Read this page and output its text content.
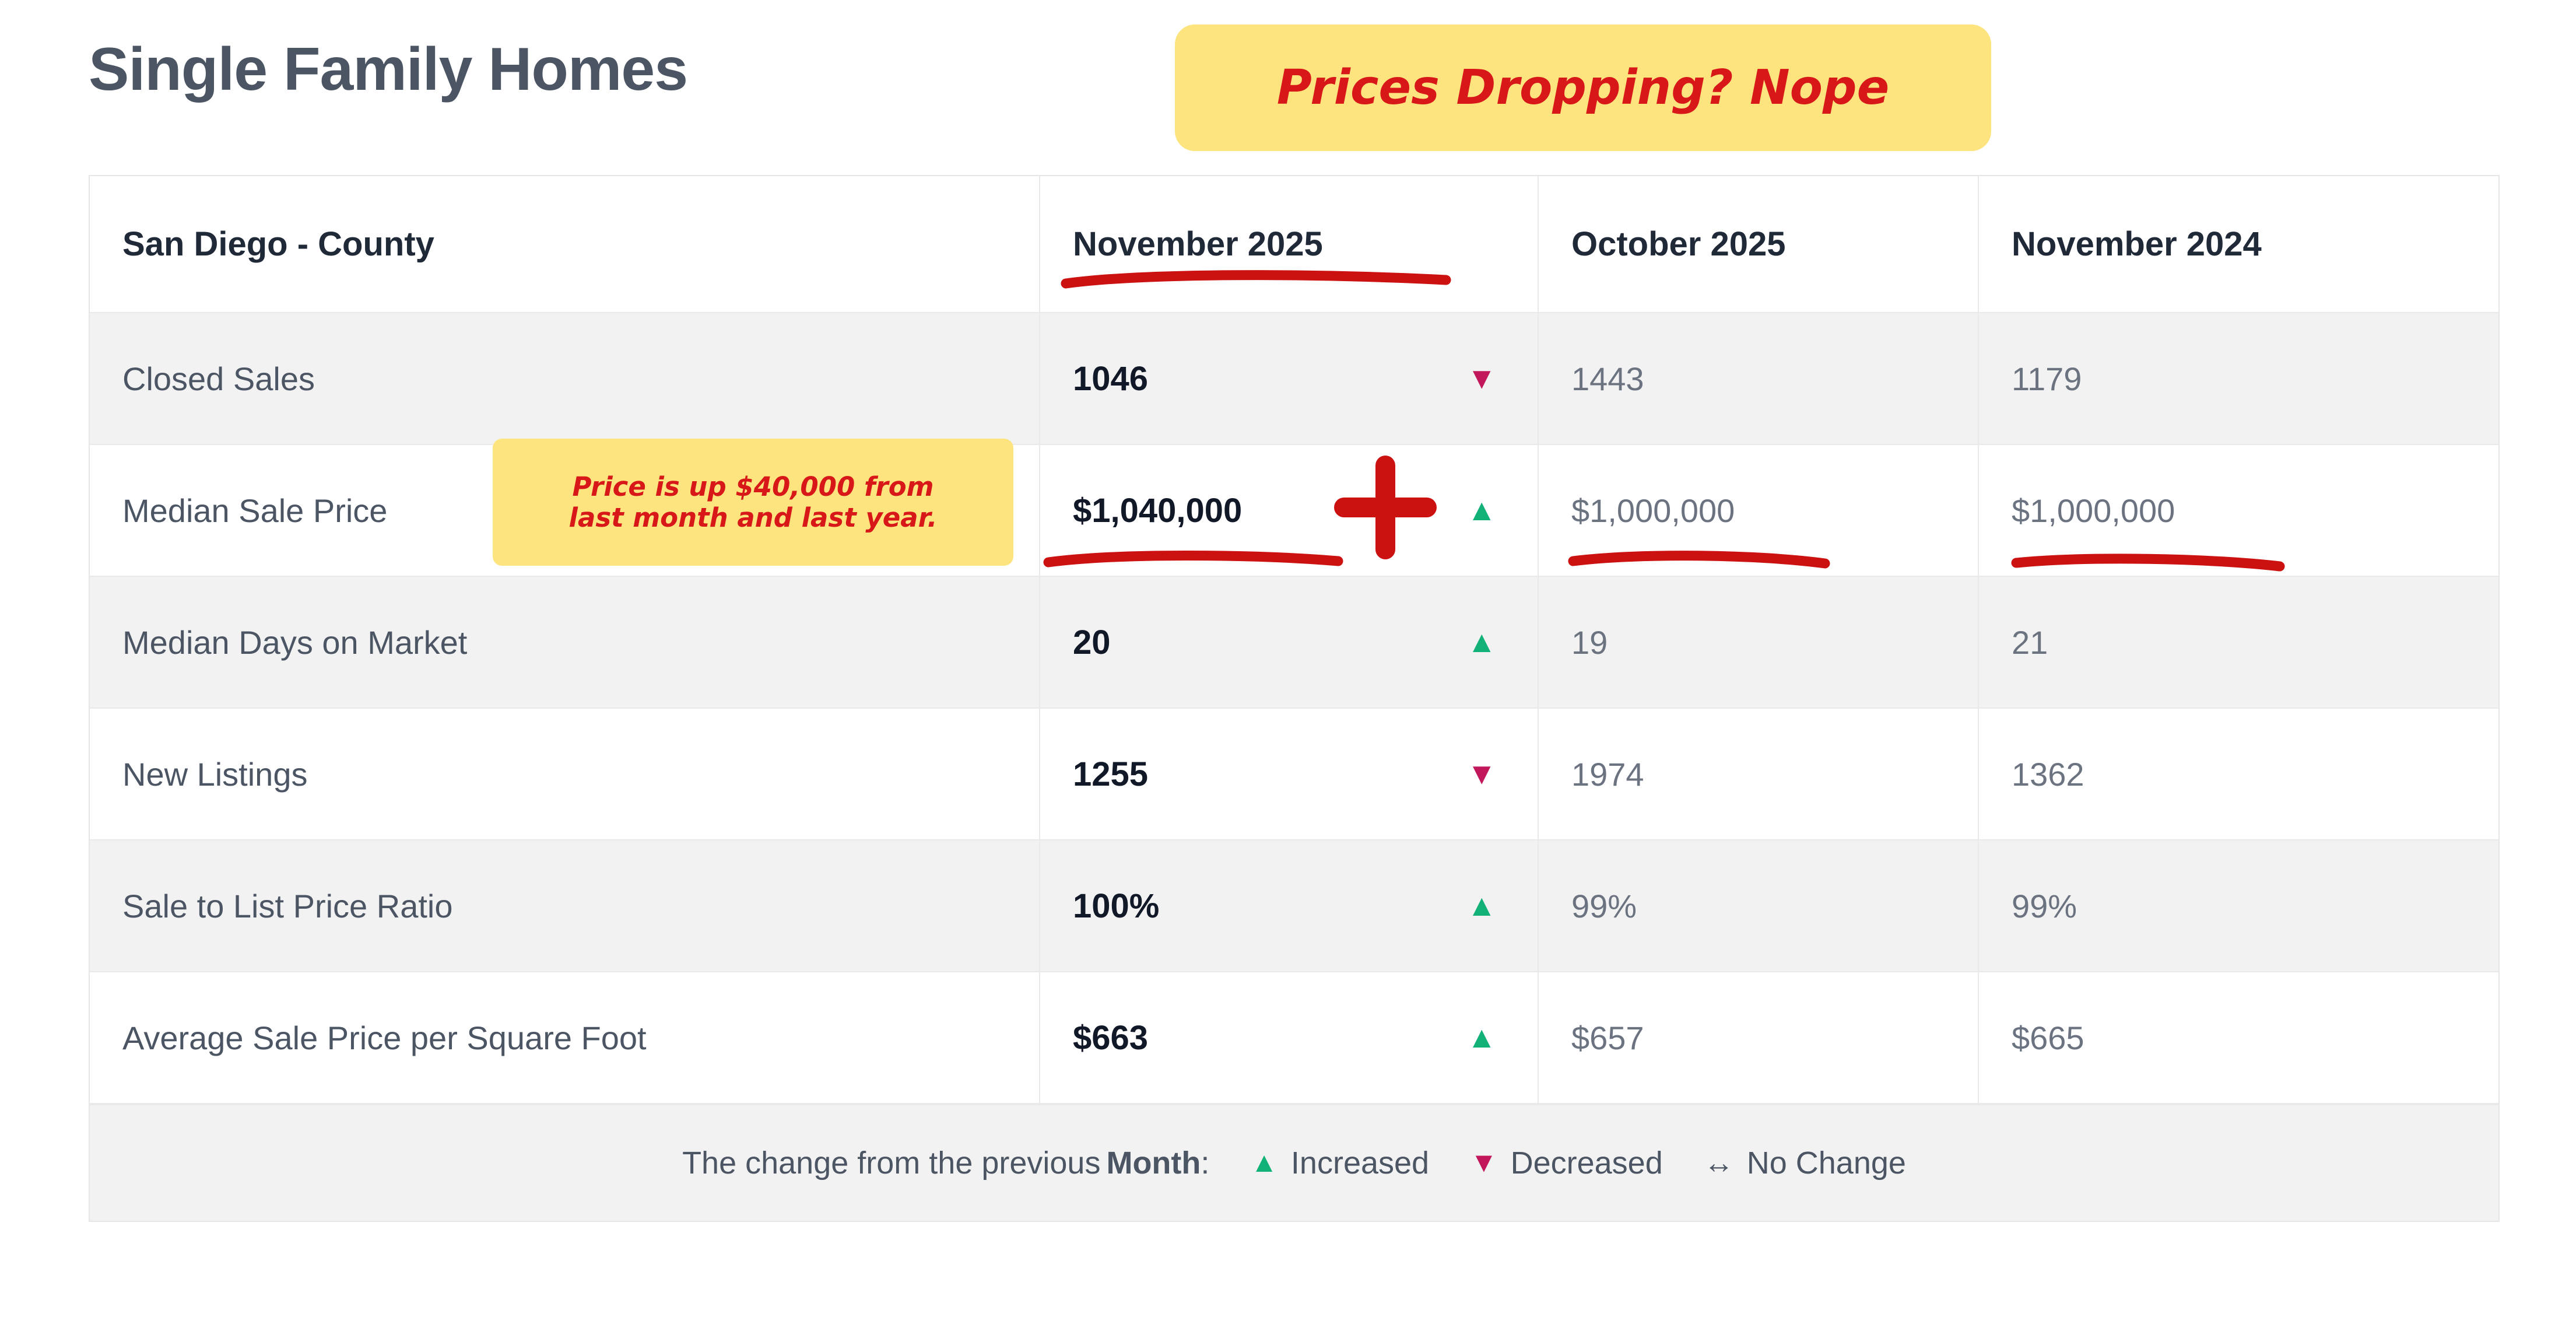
Single Family Homes	Prices Dropping? Nope
San Diego - County	November 2025	October 2025	November 2024
Closed Sales	1046	▼	1443	1179
Median Sale Price	$1,040,000	▲	$1,000,000	$1,000,000
Median Days on Market	20	▲	19	21
New Listings	1255	▼	1974	1362
Sale to List Price Ratio	100%	▲	99%	99%
Average Sale Price per Square Foot	$663	▲	$657	$665
The change from the previous Month : ▲ Increased ▼ Decreased ↔ No Change
Price is up $40,000 from
last month and last year.
